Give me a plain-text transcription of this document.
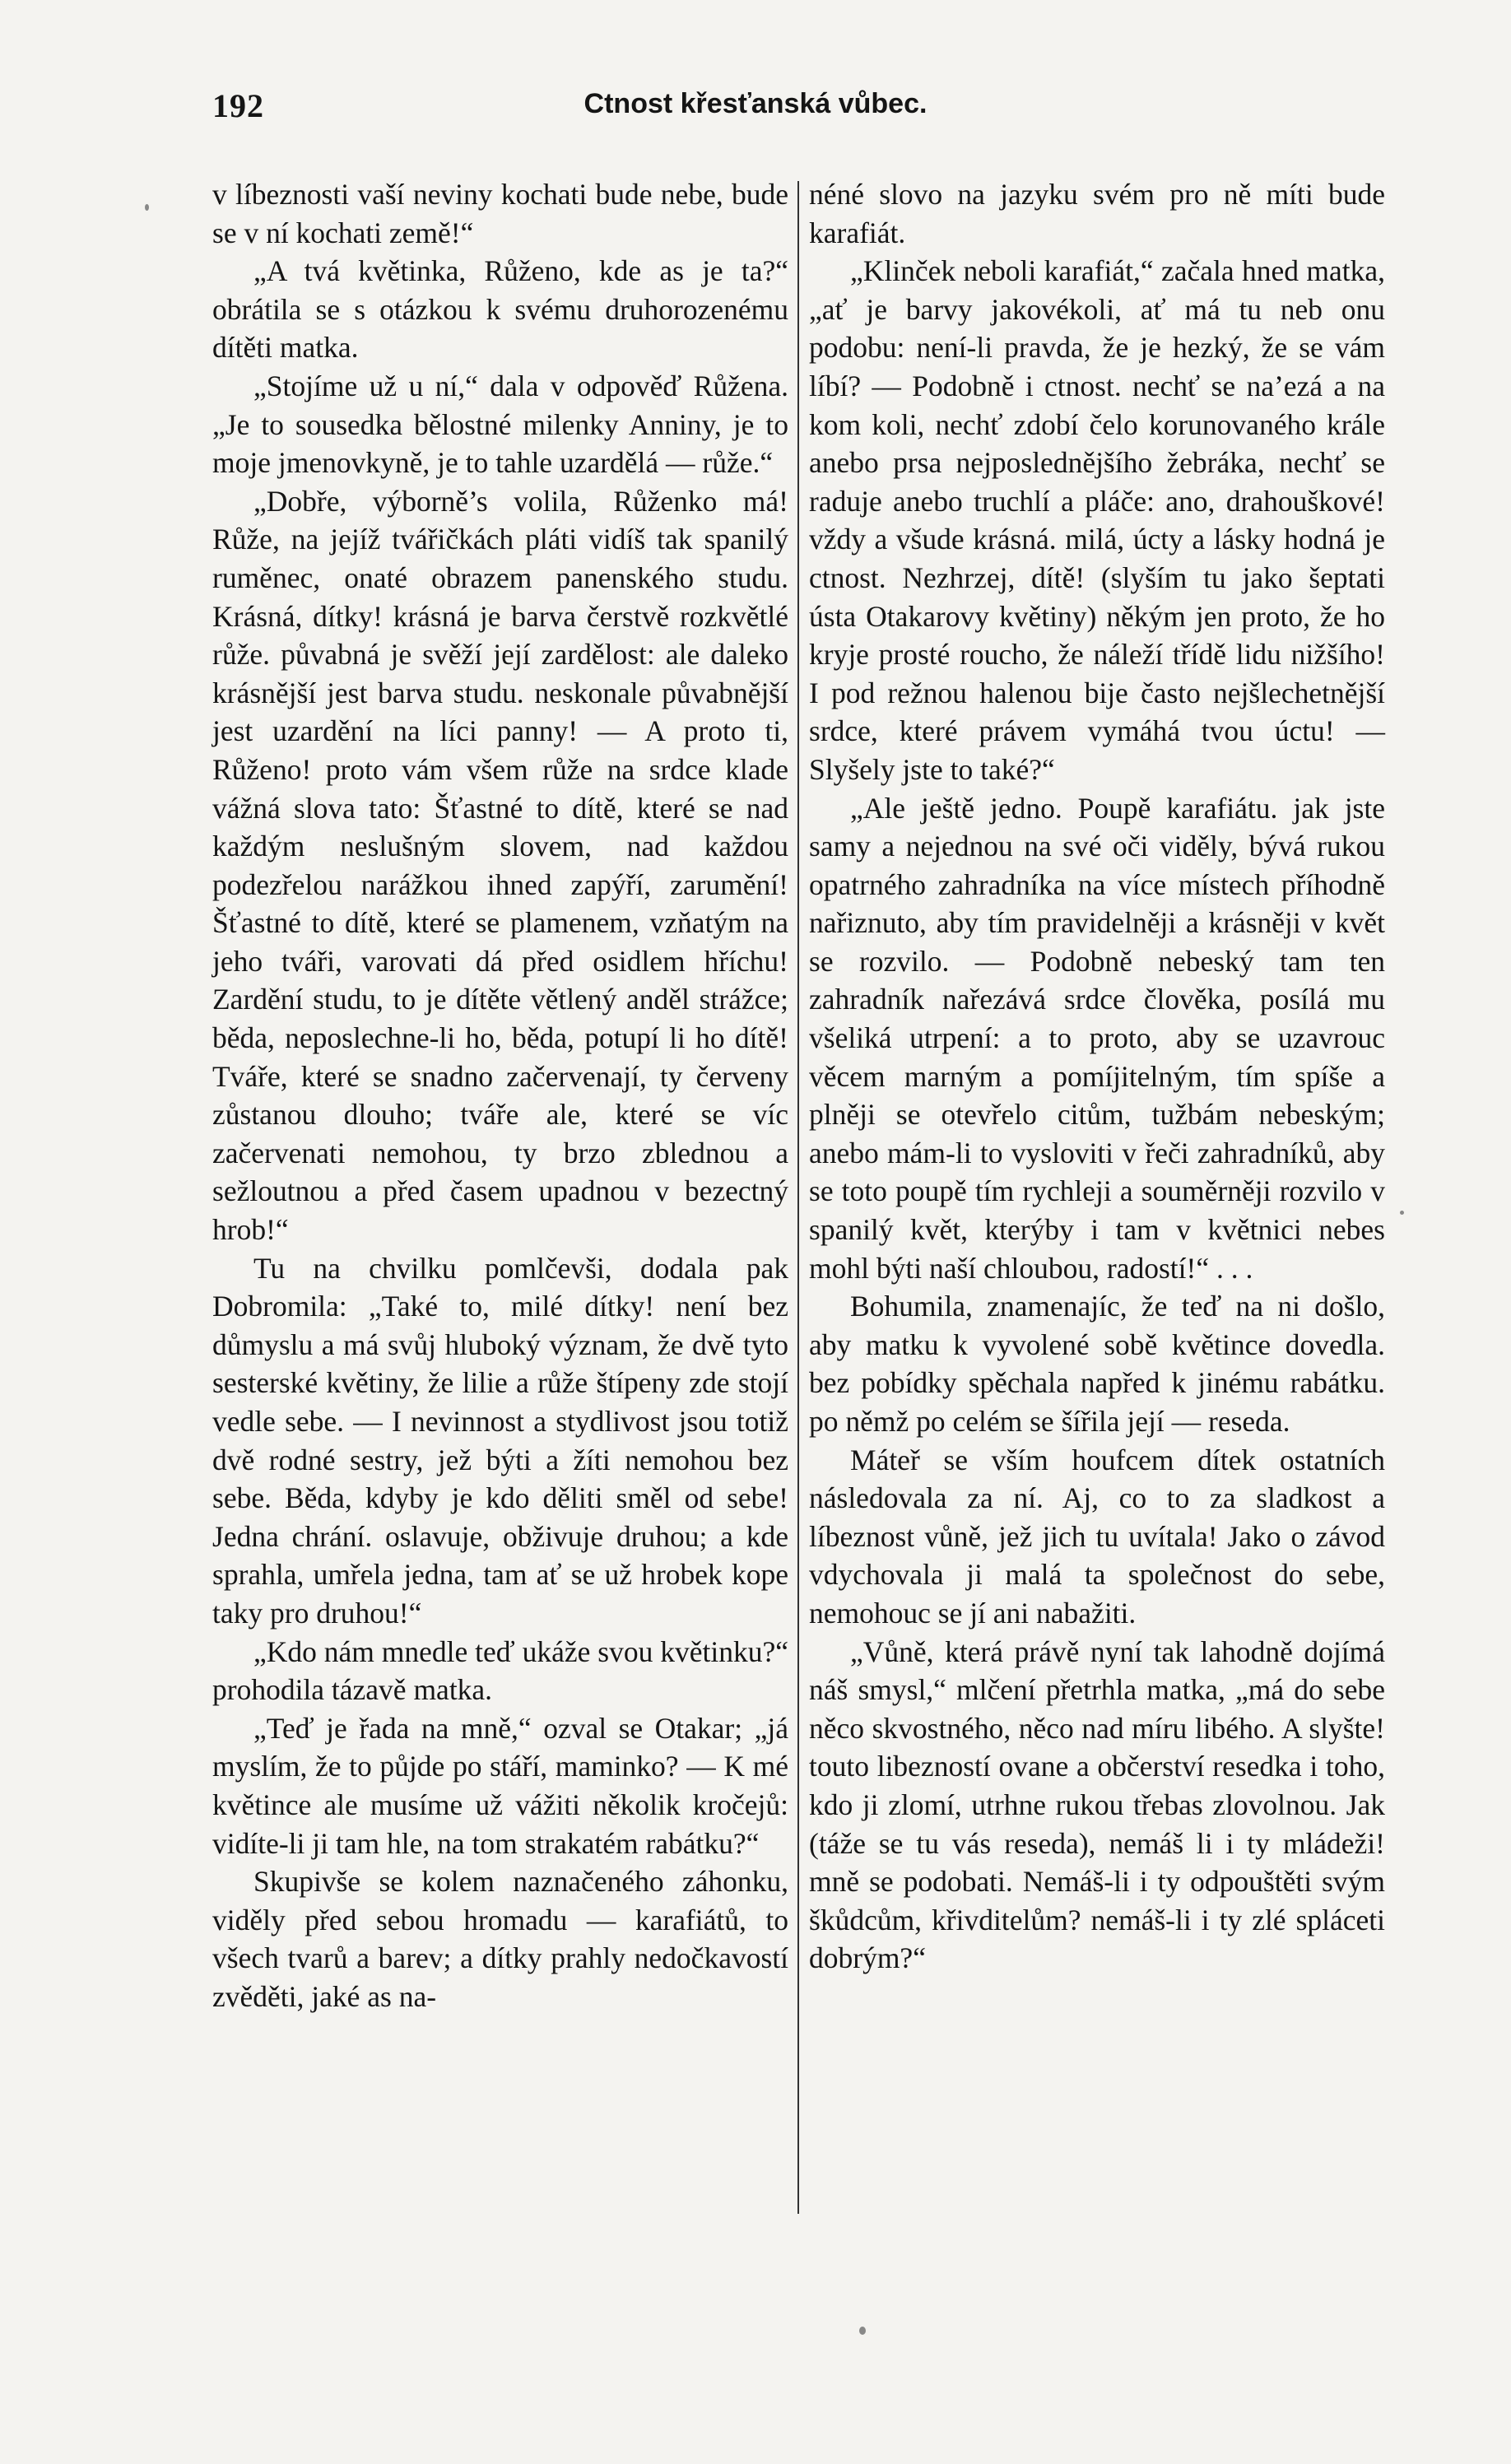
192	Ctnost křesťanská vůbec.

v líbeznosti vaší neviny kochati bude nebe, bude se v ní kochati země!“

„A tvá květinka, Růženo, kde as je ta?“ obrátila se s otázkou k svému druhorozenému dítěti matka.

„Stojíme už u ní,“ dala v odpověď Růžena. „Je to sousedka bělostné milenky Anniny, je to moje jmenovkyně, je to tahle uzardělá — růže.“

„Dobře, výborně’s volila, Růženko má! Růže, na jejíž tvářičkách pláti vidíš tak spanilý ruměnec, onaté obrazem panenského studu. Krásná, dítky! krásná je barva čerstvě rozkvětlé růže. půvabná je svěží její zardělost: ale daleko krásnější jest barva studu. neskonale půvabnější jest uzardění na líci panny! — A proto ti, Růženo! proto vám všem růže na srdce klade vážná slova tato: Šťastné to dítě, které se nad každým neslušným slovem, nad každou podezřelou narážkou ihned zapýří, zarumění! Šťastné to dítě, které se plamenem, vzňatým na jeho tváři, varovati dá před osidlem hříchu! Zardění studu, to je dítěte větlený anděl strážce; běda, neposlechne-li ho, běda, potupí li ho dítě! Tváře, které se snadno začervenají, ty červeny zůstanou dlouho; tváře ale, které se víc začervenati nemohou, ty brzo zblednou a sežloutnou a před časem upadnou v bezectný hrob!“

Tu na chvilku pomlčevši, dodala pak Dobromila: „Také to, milé dítky! není bez důmyslu a má svůj hluboký význam, že dvě tyto sesterské květiny, že lilie a růže štípeny zde stojí vedle sebe. — I nevinnost a stydlivost jsou totiž dvě rodné sestry, jež býti a žíti nemohou bez sebe. Běda, kdyby je kdo děliti směl od sebe! Jedna chrání. oslavuje, obživuje druhou; a kde sprahla, umřela jedna, tam ať se už hrobek kope taky pro druhou!“

„Kdo nám mnedle teď ukáže svou květinku?“ prohodila tázavě matka.

„Teď je řada na mně,“ ozval se Otakar; „já myslím, že to půjde po stáří, maminko? — K mé květince ale musíme už vážiti několik kročejů: vidíte-li ji tam hle, na tom strakatém rabátku?“

Skupivše se kolem naznačeného záhonku, viděly před sebou hromadu — karafiátů, to všech tvarů a barev; a dítky prahly nedočkavostí zvěděti, jaké as na-

néné slovo na jazyku svém pro ně míti bude karafiát.

„Klinček neboli karafiát,“ začala hned matka, „ať je barvy jakovékoli, ať má tu neb onu podobu: není-li pravda, že je hezký, že se vám líbí? — Podobně i ctnost. nechť se na’ezá a na kom koli, nechť zdobí čelo korunovaného krále anebo prsa nejposlednějšího žebráka, nechť se raduje anebo truchlí a pláče: ano, drahouškové! vždy a všude krásná. milá, úcty a lásky hodná je ctnost. Nezhrzej, dítě! (slyším tu jako šeptati ústa Otakarovy květiny) někým jen proto, že ho kryje prosté roucho, že náleží třídě lidu nižšího! I pod režnou halenou bije často nejšlechetnější srdce, které právem vymáhá tvou úctu! — Slyšely jste to také?“

„Ale ještě jedno. Poupě karafiátu. jak jste samy a nejednou na své oči viděly, bývá rukou opatrného zahradníka na více místech příhodně nařiznuto, aby tím pravidelněji a krásněji v květ se rozvilo. — Podobně nebeský tam ten zahradník nařezává srdce člověka, posílá mu všeliká utrpení: a to proto, aby se uzavrouc věcem marným a pomíjitelným, tím spíše a plněji se otevřelo citům, tužbám nebeským; anebo mám-li to vysloviti v řeči zahradníků, aby se toto poupě tím rychleji a souměrněji rozvilo v spanilý květ, kterýby i tam v květnici nebes mohl býti naší chloubou, radostí!“ . . .

Bohumila, znamenajíc, že teď na ni došlo, aby matku k vyvolené sobě květince dovedla. bez pobídky spěchala napřed k jinému rabátku. po němž po celém se šířila její — reseda.

Máteř se vším houfcem dítek ostatních následovala za ní. Aj, co to za sladkost a líbeznost vůně, jež jich tu uvítala! Jako o závod vdychovala ji malá ta společnost do sebe, nemohouc se jí ani nabažiti.

„Vůně, která právě nyní tak lahodně dojímá náš smysl,“ mlčení přetrhla matka, „má do sebe něco skvostného, něco nad míru libého. A slyšte! touto libezností ovane a občerství resedka i toho, kdo ji zlomí, utrhne rukou třebas zlovolnou. Jak (táže se tu vás reseda), nemáš li i ty mládeži! mně se podobati. Nemáš-li i ty odpouštěti svým škůdcům, křivditelům? nemáš-li i ty zlé spláceti dobrým?“
